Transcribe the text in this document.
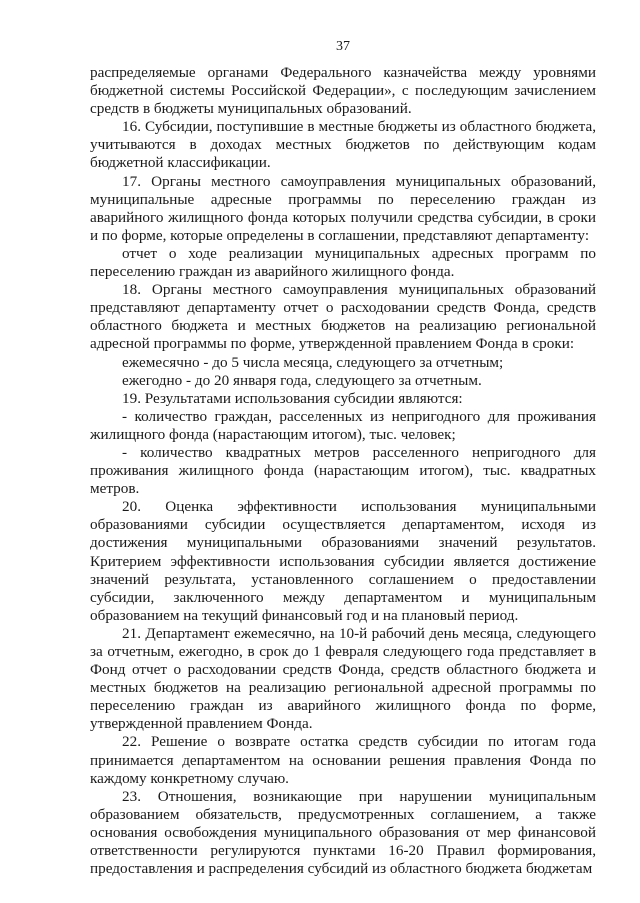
37

распределяемые органами Федерального казначейства между уровнями бюджетной системы Российской Федерации», с последующим зачислением средств в бюджеты муниципальных образований.

16. Субсидии, поступившие в местные бюджеты из областного бюджета, учитываются в доходах местных бюджетов по действующим кодам бюджетной классификации.

17. Органы местного самоуправления муниципальных образований, муниципальные адресные программы по переселению граждан из аварийного жилищного фонда которых получили средства субсидии, в сроки и по форме, которые определены в соглашении, представляют департаменту:

отчет о ходе реализации муниципальных адресных программ по переселению граждан из аварийного жилищного фонда.

18. Органы местного самоуправления муниципальных образований представляют департаменту отчет о расходовании средств Фонда, средств областного бюджета и местных бюджетов на реализацию региональной адресной программы по форме, утвержденной правлением Фонда в сроки:

ежемесячно - до 5 числа месяца, следующего за отчетным;

ежегодно - до 20 января года, следующего за отчетным.

19. Результатами использования субсидии являются:

- количество граждан, расселенных из непригодного для проживания жилищного фонда (нарастающим итогом), тыс. человек;

- количество квадратных метров расселенного непригодного для проживания жилищного фонда (нарастающим итогом), тыс. квадратных метров.

20. Оценка эффективности использования муниципальными образованиями субсидии осуществляется департаментом, исходя из достижения муниципальными образованиями значений результатов. Критерием эффективности использования субсидии является достижение значений результата, установленного соглашением о предоставлении субсидии, заключенного между департаментом и муниципальным образованием на текущий финансовый год и на плановый период.

21. Департамент ежемесячно, на 10-й рабочий день месяца, следующего за отчетным, ежегодно, в срок до 1 февраля следующего года представляет в Фонд отчет о расходовании средств Фонда, средств областного бюджета и местных бюджетов на реализацию региональной адресной программы по переселению граждан из аварийного жилищного фонда по форме, утвержденной правлением Фонда.

22. Решение о возврате остатка средств субсидии по итогам года принимается департаментом на основании решения правления Фонда по каждому конкретному случаю.

23. Отношения, возникающие при нарушении муниципальным образованием обязательств, предусмотренных соглашением, а также основания освобождения муниципального образования от мер финансовой ответственности регулируются пунктами 16-20 Правил формирования, предоставления и распределения субсидий из областного бюджета бюджетам
